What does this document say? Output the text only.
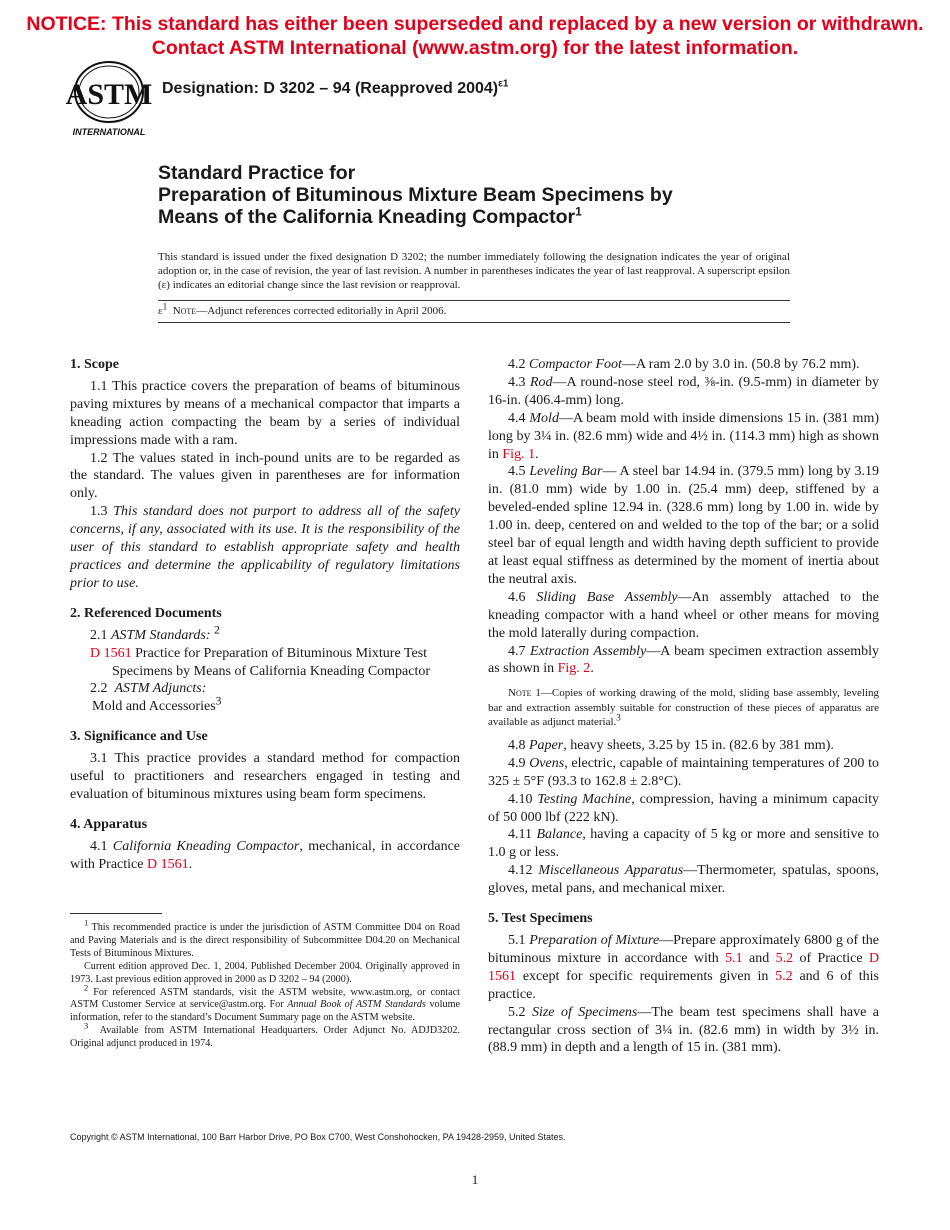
NOTICE: This standard has either been superseded and replaced by a new version or withdrawn.
Contact ASTM International (www.astm.org) for the latest information.
ASTM
INTERNATIONAL
Designation: D 3202 – 94 (Reapproved 2004)$^{\varepsilon 1}$
Standard Practice for
Preparation of Bituminous Mixture Beam Specimens by
Means of the California Kneading Compactor$^1$
This standard is issued under the fixed designation D 3202; the number immediately following the designation indicates the year of original adoption or, in the case of revision, the year of last revision. A number in parentheses indicates the year of last reapproval. A superscript epsilon (ε) indicates an editorial change since the last revision or reapproval.
$\varepsilon^1$ Note—Adjunct references corrected editorially in April 2006.

1. Scope

1.1 This practice covers the preparation of beams of bituminous paving mixtures by means of a mechanical compactor that imparts a kneading action compacting the beam by a series of individual impressions made with a ram.

1.2 The values stated in inch-pound units are to be regarded as the standard. The values given in parentheses are for information only.

1.3 This standard does not purport to address all of the safety concerns, if any, associated with its use. It is the responsibility of the user of this standard to establish appropriate safety and health practices and determine the applicability of regulatory limitations prior to use.

2. Referenced Documents

2.1 ASTM Standards: $^2$

D 1561 Practice for Preparation of Bituminous Mixture Test Specimens by Means of California Kneading Compactor

2.2 ASTM Adjuncts:

Mold and Accessories$^3$

3. Significance and Use

3.1 This practice provides a standard method for compaction useful to practitioners and researchers engaged in testing and evaluation of bituminous mixtures using beam form specimens.

4. Apparatus

4.1 California Kneading Compactor, mechanical, in accordance with Practice D 1561.

$^1$ This recommended practice is under the jurisdiction of ASTM Committee D04 on Road and Paving Materials and is the direct responsibility of Subcommittee D04.20 on Mechanical Tests of Bituminous Mixtures.

Current edition approved Dec. 1, 2004. Published December 2004. Originally approved in 1973. Last previous edition approved in 2000 as D 3202 – 94 (2000).

$^2$ For referenced ASTM standards, visit the ASTM website, www.astm.org, or contact ASTM Customer Service at service@astm.org. For Annual Book of ASTM Standards volume information, refer to the standard’s Document Summary page on the ASTM website.

$^3$ Available from ASTM International Headquarters. Order Adjunct No. ADJD3202. Original adjunct produced in 1974.

4.2 Compactor Foot—A ram 2.0 by 3.0 in. (50.8 by 76.2 mm).

4.3 Rod—A round-nose steel rod, ⅜-in. (9.5-mm) in diameter by 16-in. (406.4-mm) long.

4.4 Mold—A beam mold with inside dimensions 15 in. (381 mm) long by 3¼ in. (82.6 mm) wide and 4½ in. (114.3 mm) high as shown in Fig. 1.

4.5 Leveling Bar— A steel bar 14.94 in. (379.5 mm) long by 3.19 in. (81.0 mm) wide by 1.00 in. (25.4 mm) deep, stiffened by a beveled-ended spline 12.94 in. (328.6 mm) long by 1.00 in. wide by 1.00 in. deep, centered on and welded to the top of the bar; or a solid steel bar of equal length and width having depth sufficient to provide at least equal stiffness as determined by the moment of inertia about the neutral axis.

4.6 Sliding Base Assembly—An assembly attached to the kneading compactor with a hand wheel or other means for moving the mold laterally during compaction.

4.7 Extraction Assembly—A beam specimen extraction assembly as shown in Fig. 2.

Note 1—Copies of working drawing of the mold, sliding base assembly, leveling bar and extraction assembly suitable for construction of these pieces of apparatus are available as adjunct material.$^3$

4.8 Paper, heavy sheets, 3.25 by 15 in. (82.6 by 381 mm).

4.9 Ovens, electric, capable of maintaining temperatures of 200 to 325 ± 5°F (93.3 to 162.8 ± 2.8°C).

4.10 Testing Machine, compression, having a minimum capacity of 50 000 lbf (222 kN).

4.11 Balance, having a capacity of 5 kg or more and sensitive to 1.0 g or less.

4.12 Miscellaneous Apparatus—Thermometer, spatulas, spoons, gloves, metal pans, and mechanical mixer.

5. Test Specimens

5.1 Preparation of Mixture—Prepare approximately 6800 g of the bituminous mixture in accordance with 5.1 and 5.2 of Practice D 1561 except for specific requirements given in 5.2 and 6 of this practice.

5.2 Size of Specimens—The beam test specimens shall have a rectangular cross section of 3¼ in. (82.6 mm) in width by 3½ in. (88.9 mm) in depth and a length of 15 in. (381 mm).

Copyright © ASTM International, 100 Barr Harbor Drive, PO Box C700, West Conshohocken, PA 19428-2959, United States.
1
